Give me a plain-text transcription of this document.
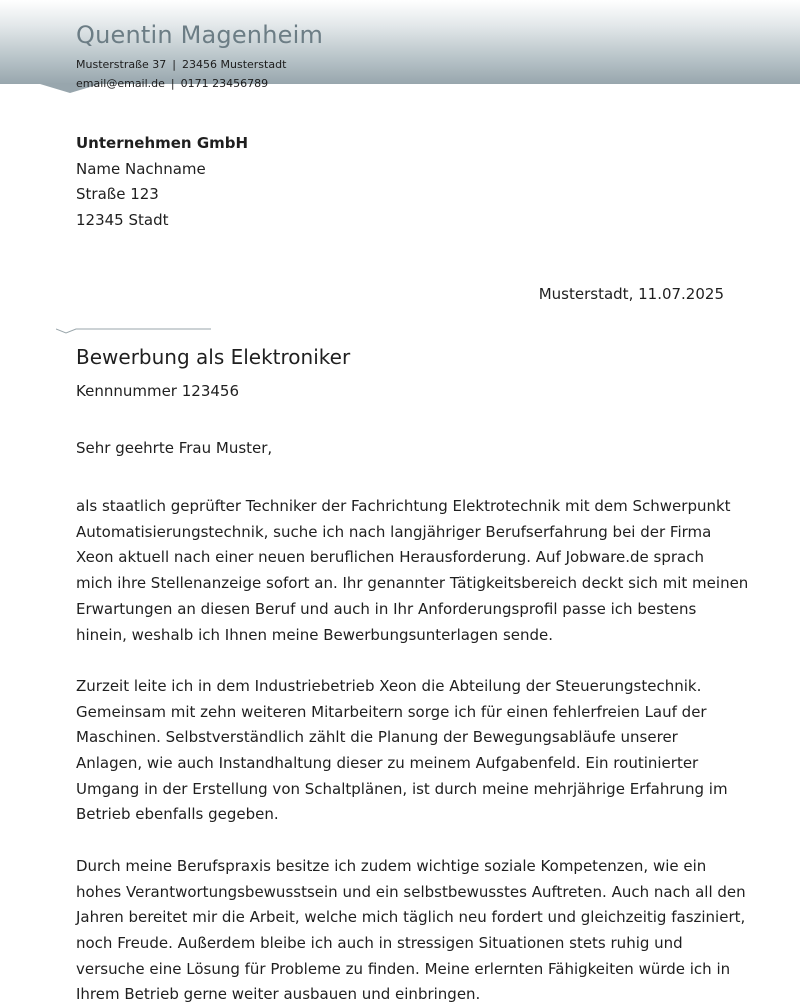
Quentin Magenheim
Musterstraße 37 | 23456 Musterstadt
email@email.de | 0171 23456789
Unternehmen GmbH
Name Nachname
Straße 123
12345 Stadt
Musterstadt, 11.07.2025
Bewerbung als Elektroniker
Kennnummer 123456
Sehr geehrte Frau Muster,

als staatlich geprüfter Techniker der Fachrichtung Elektrotechnik mit dem Schwerpunkt
Automatisierungstechnik, suche ich nach langjähriger Berufserfahrung bei der Firma
Xeon aktuell nach einer neuen beruflichen Herausforderung. Auf Jobware.de sprach
mich ihre Stellenanzeige sofort an. Ihr genannter Tätigkeitsbereich deckt sich mit meinen
Erwartungen an diesen Beruf und auch in Ihr Anforderungsprofil passe ich bestens
hinein, weshalb ich Ihnen meine Bewerbungsunterlagen sende.

Zurzeit leite ich in dem Industriebetrieb Xeon die Abteilung der Steuerungstechnik.
Gemeinsam mit zehn weiteren Mitarbeitern sorge ich für einen fehlerfreien Lauf der
Maschinen. Selbstverständlich zählt die Planung der Bewegungsabläufe unserer
Anlagen, wie auch Instandhaltung dieser zu meinem Aufgabenfeld. Ein routinierter
Umgang in der Erstellung von Schaltplänen, ist durch meine mehrjährige Erfahrung im
Betrieb ebenfalls gegeben.

Durch meine Berufspraxis besitze ich zudem wichtige soziale Kompetenzen, wie ein
hohes Verantwortungsbewusstsein und ein selbstbewusstes Auftreten. Auch nach all den
Jahren bereitet mir die Arbeit, welche mich täglich neu fordert und gleichzeitig fasziniert,
noch Freude. Außerdem bleibe ich auch in stressigen Situationen stets ruhig und
versuche eine Lösung für Probleme zu finden. Meine erlernten Fähigkeiten würde ich in
Ihrem Betrieb gerne weiter ausbauen und einbringen.
